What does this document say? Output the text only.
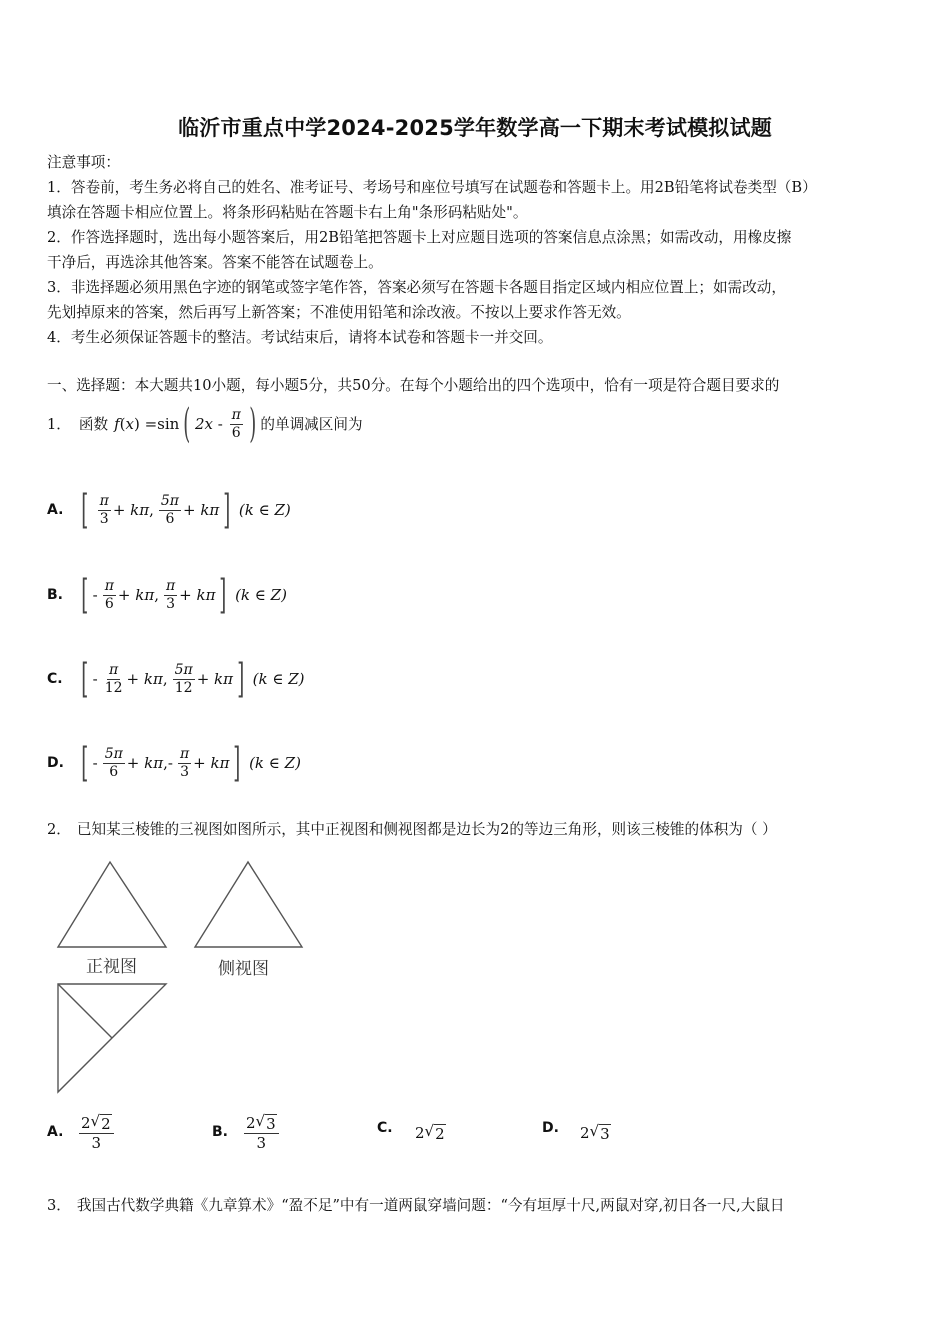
临沂市重点中学2024-2025学年数学高一下期末考试模拟试题
注意事项：
1．答卷前，考生务必将自己的姓名、准考证号、考场号和座位号填写在试题卷和答题卡上。用2B铅笔将试卷类型（B）
填涂在答题卡相应位置上。将条形码粘贴在答题卡右上角"条形码粘贴处"。
2．作答选择题时，选出每小题答案后，用2B铅笔把答题卡上对应题目选项的答案信息点涂黑；如需改动，用橡皮擦
干净后，再选涂其他答案。答案不能答在试题卷上。
3．非选择题必须用黑色字迹的钢笔或签字笔作答，答案必须写在答题卡各题目指定区域内相应位置上；如需改动，
先划掉原来的答案，然后再写上新答案；不准使用铅笔和涂改液。不按以上要求作答无效。
4．考生必须保证答题卡的整洁。考试结束后，请将本试卷和答题卡一并交回。
一、选择题：本大题共10小题，每小题5分，共50分。在每个小题给出的四个选项中，恰有一项是符合题目要求的
1． 函数 f ( x ) =sin ( $2x - \frac{\pi}{6}$ ) 的单调减区间为
A. [ $\frac{\pi}{3} + k\pi$ , $\frac{5\pi}{6} + k\pi$ ] (k ∈ Z)
B. [ - $\frac{\pi}{6} + k\pi$ , $\frac{\pi}{3} + k\pi$ ] (k ∈ Z)
C. [ - $\frac{\pi}{12} + k\pi$ , $\frac{5\pi}{12} + k\pi$ ] (k ∈ Z)
D. [ - $\frac{5\pi}{6} + k\pi$ , - $\frac{\pi}{3} + k\pi$ ] (k ∈ Z)
2． 已知某三棱锥的三视图如图所示，其中正视图和侧视图都是边长为2的等边三角形，则该三棱锥的体积为（ ）
正视图	侧视图
A.	$\frac{2 √ 2}{3}$	B.	$\frac{2 √ 3}{3}$	C.	2 √ 2	D.	2 √ 3
3． 我国古代数学典籍《九章算术》“盈不足”中有一道两鼠穿墙问题：“今有垣厚十尺,两鼠对穿,初日各一尺,大鼠日
